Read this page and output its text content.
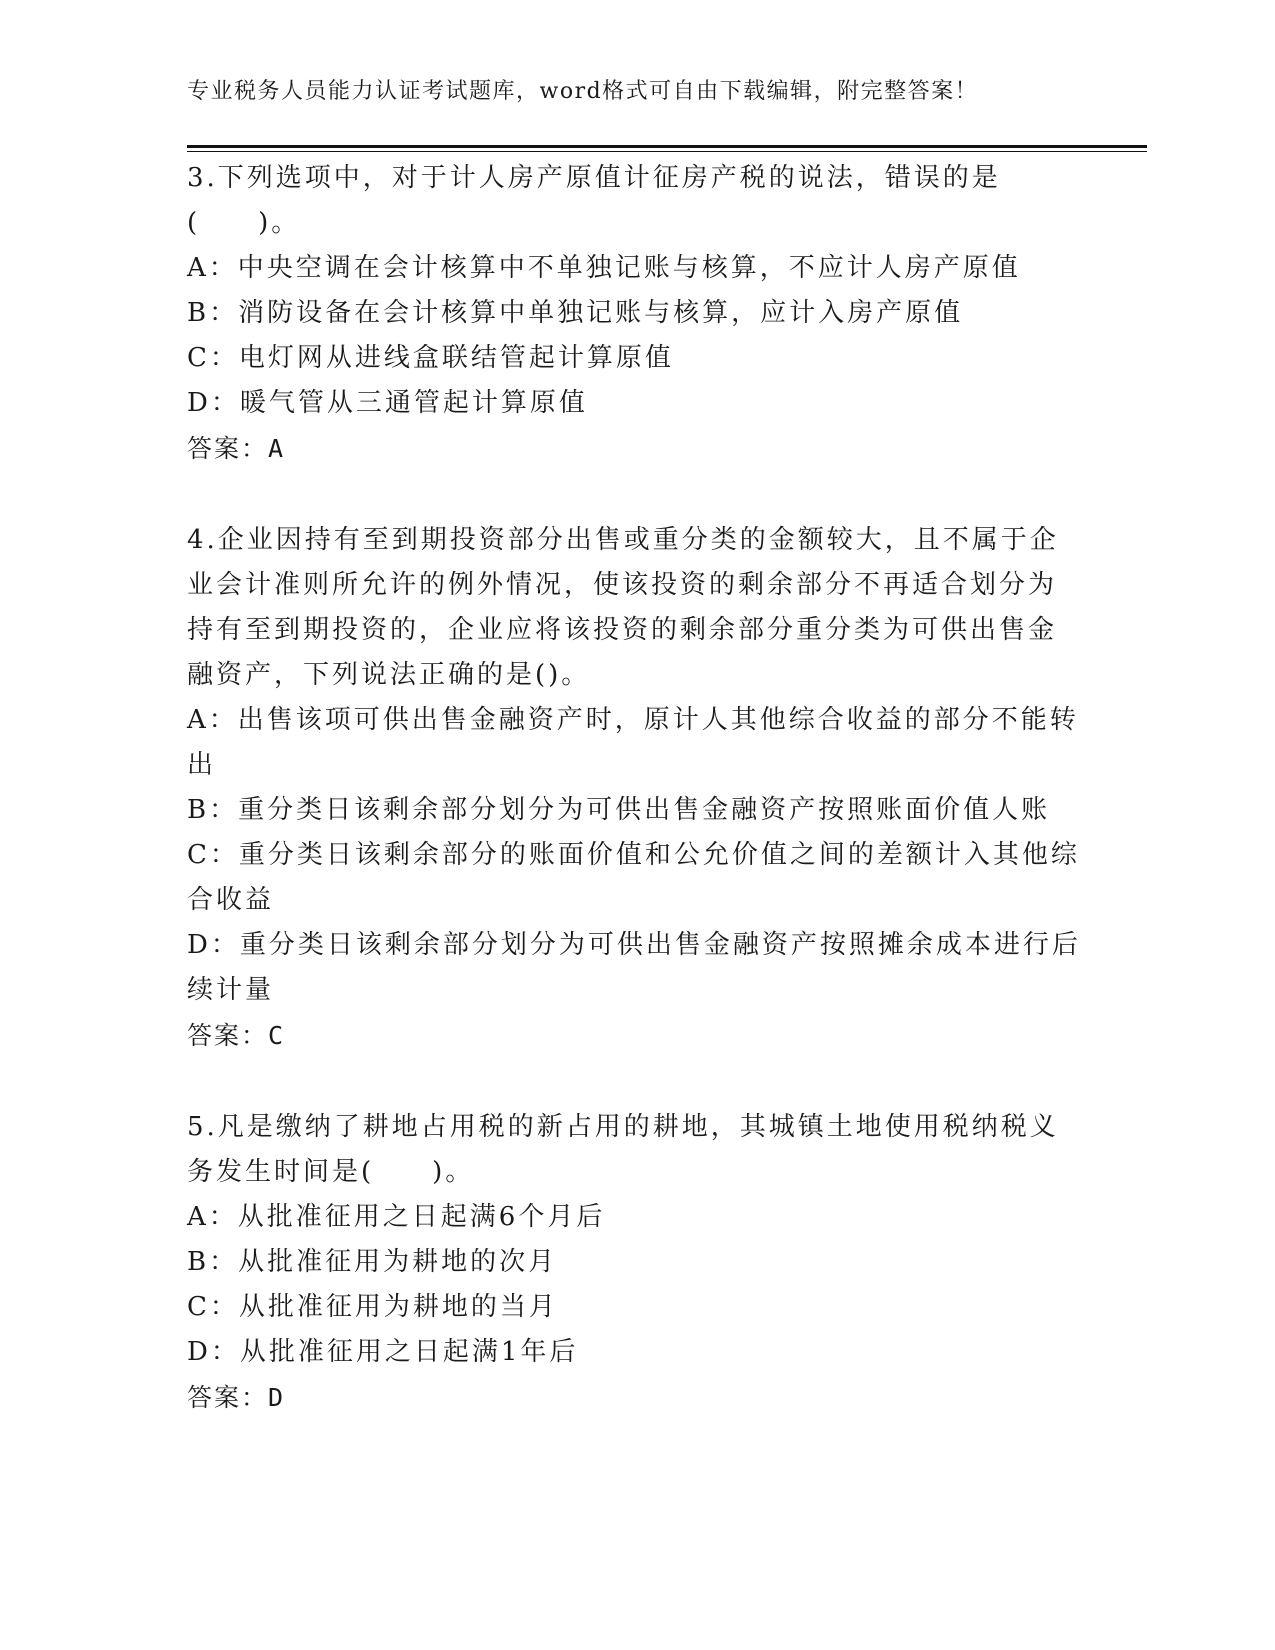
专业税务人员能力认证考试题库，word格式可自由下载编辑，附完整答案！
3.下列选项中，对于计人房产原值计征房产税的说法，错误的是
(　　)。
A：中央空调在会计核算中不单独记账与核算，不应计人房产原值
B：消防设备在会计核算中单独记账与核算，应计入房产原值
C：电灯网从进线盒联结管起计算原值
D：暖气管从三通管起计算原值
答案：A
4.企业因持有至到期投资部分出售或重分类的金额较大，且不属于企
业会计准则所允许的例外情况，使该投资的剩余部分不再适合划分为
持有至到期投资的，企业应将该投资的剩余部分重分类为可供出售金
融资产，下列说法正确的是()。
A：出售该项可供出售金融资产时，原计人其他综合收益的部分不能转
出
B：重分类日该剩余部分划分为可供出售金融资产按照账面价值人账
C：重分类日该剩余部分的账面价值和公允价值之间的差额计入其他综
合收益
D：重分类日该剩余部分划分为可供出售金融资产按照摊余成本进行后
续计量
答案：C
5.凡是缴纳了耕地占用税的新占用的耕地，其城镇土地使用税纳税义
务发生时间是(　　)。
A：从批准征用之日起满6个月后
B：从批准征用为耕地的次月
C：从批准征用为耕地的当月
D：从批准征用之日起满1年后
答案：D
